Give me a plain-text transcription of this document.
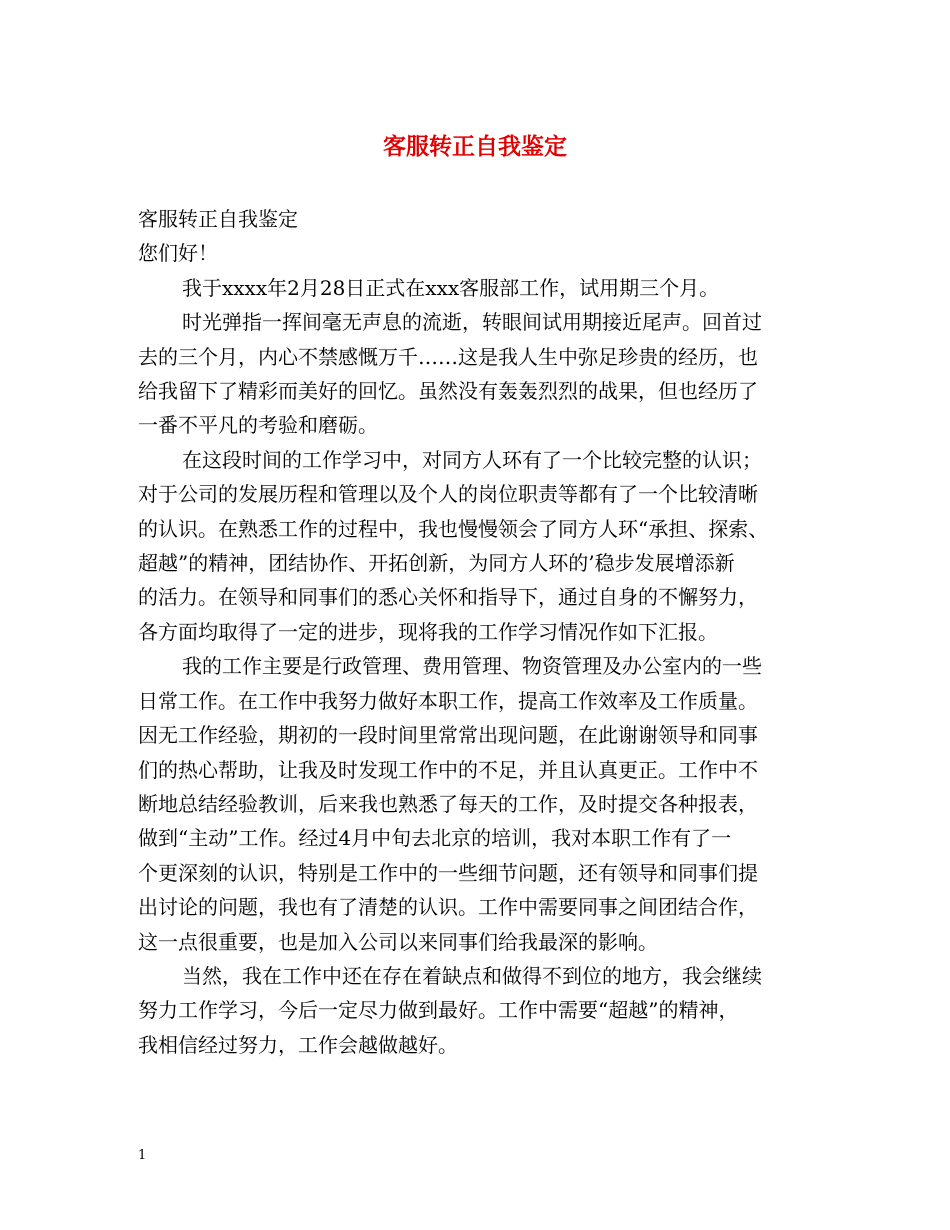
客服转正自我鉴定

客服转正自我鉴定

您们好！

我于xxxx年2月28日正式在xxx客服部工作，试用期三个月。

时光弹指一挥间毫无声息的流逝，转眼间试用期接近尾声。回首过

去的三个月，内心不禁感慨万千……这是我人生中弥足珍贵的经历，也

给我留下了精彩而美好的回忆。虽然没有轰轰烈烈的战果，但也经历了

一番不平凡的考验和磨砺。

在这段时间的工作学习中，对同方人环有了一个比较完整的认识；

对于公司的发展历程和管理以及个人的岗位职责等都有了一个比较清晰

的认识。在熟悉工作的过程中，我也慢慢领会了同方人环“承担、探索、

超越”的精神，团结协作、开拓创新，为同方人环的’稳步发展增添新

的活力。在领导和同事们的悉心关怀和指导下，通过自身的不懈努力，

各方面均取得了一定的进步，现将我的工作学习情况作如下汇报。

我的工作主要是行政管理、费用管理、物资管理及办公室内的一些

日常工作。在工作中我努力做好本职工作，提高工作效率及工作质量。

因无工作经验，期初的一段时间里常常出现问题，在此谢谢领导和同事

们的热心帮助，让我及时发现工作中的不足，并且认真更正。工作中不

断地总结经验教训，后来我也熟悉了每天的工作，及时提交各种报表，

做到“主动”工作。经过4月中旬去北京的培训，我对本职工作有了一

个更深刻的认识，特别是工作中的一些细节问题，还有领导和同事们提

出讨论的问题，我也有了清楚的认识。工作中需要同事之间团结合作，

这一点很重要，也是加入公司以来同事们给我最深的影响。

当然，我在工作中还在存在着缺点和做得不到位的地方，我会继续

努力工作学习，今后一定尽力做到最好。工作中需要“超越”的精神，

我相信经过努力，工作会越做越好。

1
